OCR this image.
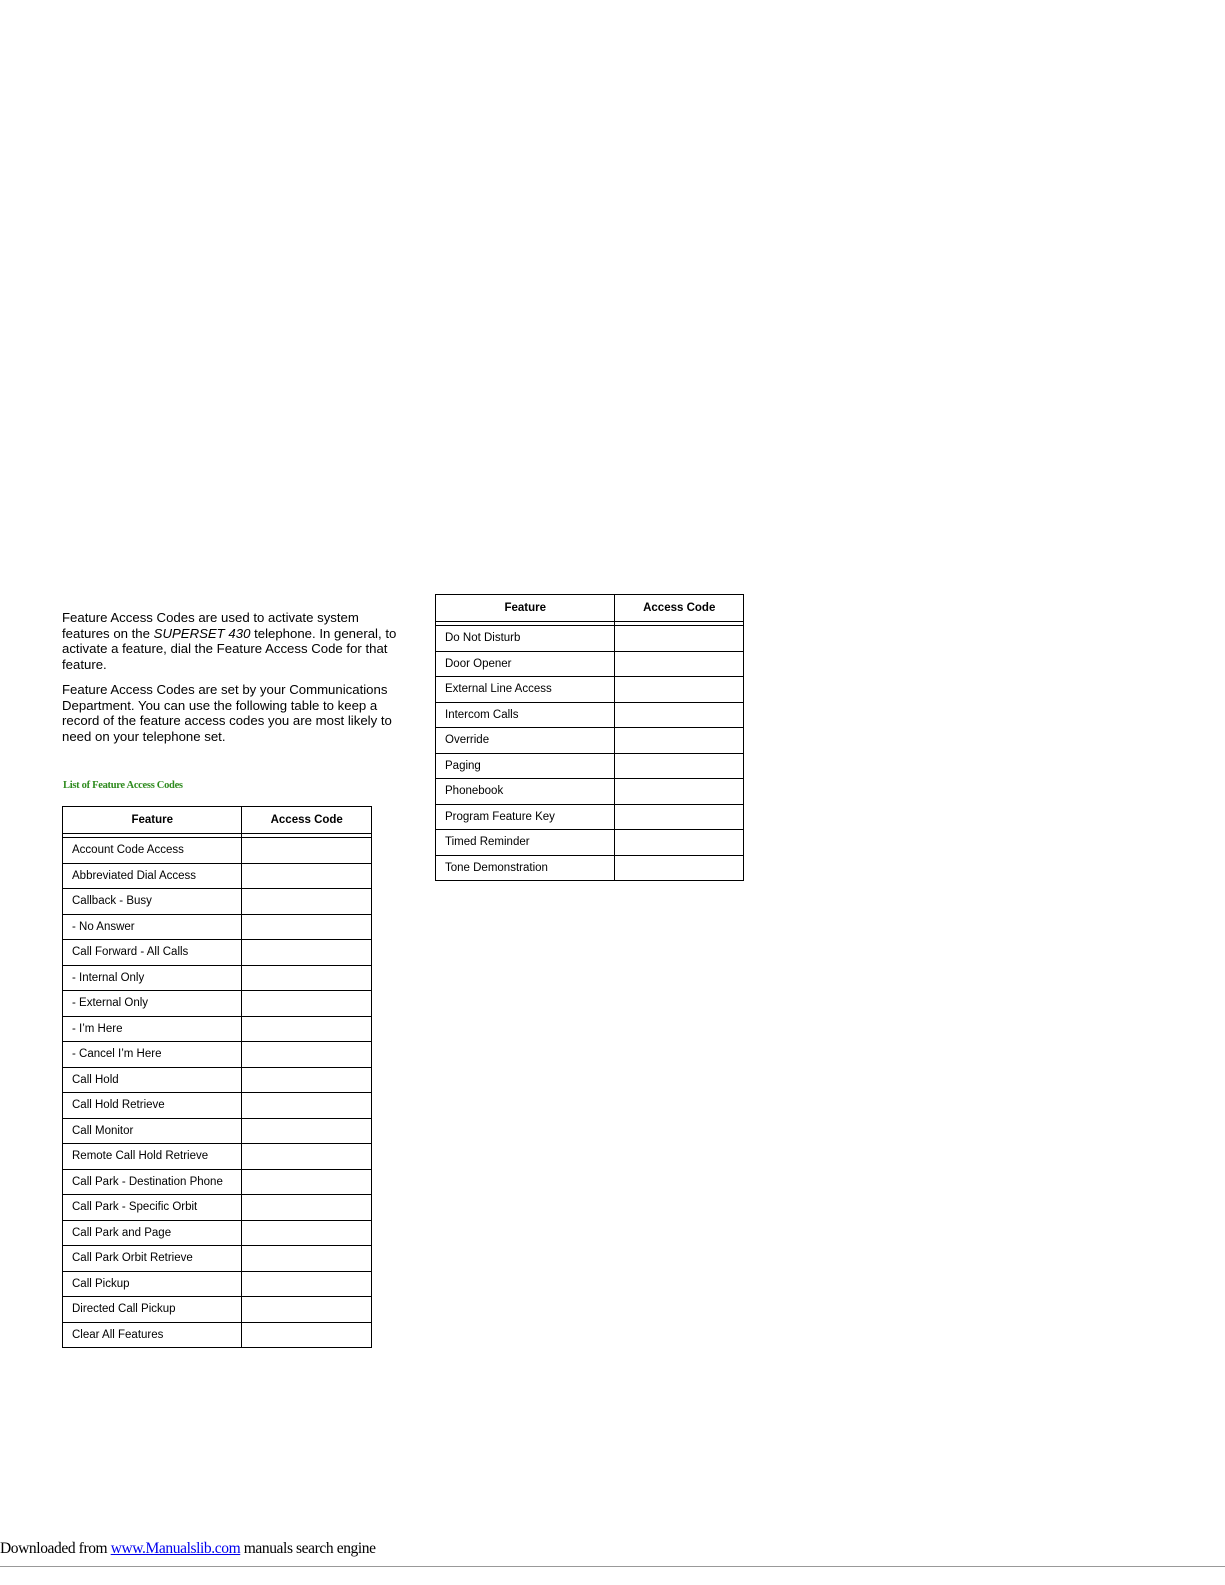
Feature Access Codes are used to activate system features on the SUPERSET 430 telephone. In general, to activate a feature, dial the Feature Access Code for that feature.

Feature Access Codes are set by your Communications Department. You can use the following table to keep a record of the feature access codes you are most likely to need on your telephone set.

List of Feature Access Codes
Feature	Access Code

Account Code Access	
Abbreviated Dial Access	
Callback - Busy	
- No Answer	
Call Forward - All Calls	
- Internal Only	
- External Only	
- I’m Here	
- Cancel I’m Here	
Call Hold	
Call Hold Retrieve	
Call Monitor	
Remote Call Hold Retrieve	
Call Park - Destination Phone	
Call Park - Specific Orbit	
Call Park and Page	
Call Park Orbit Retrieve	
Call Pickup	
Directed Call Pickup	
Clear All Features	
Feature	Access Code

Do Not Disturb	
Door Opener	
External Line Access	
Intercom Calls	
Override	
Paging	
Phonebook	
Program Feature Key	
Timed Reminder	
Tone Demonstration	
Downloaded from www.Manualslib.com manuals search engine
